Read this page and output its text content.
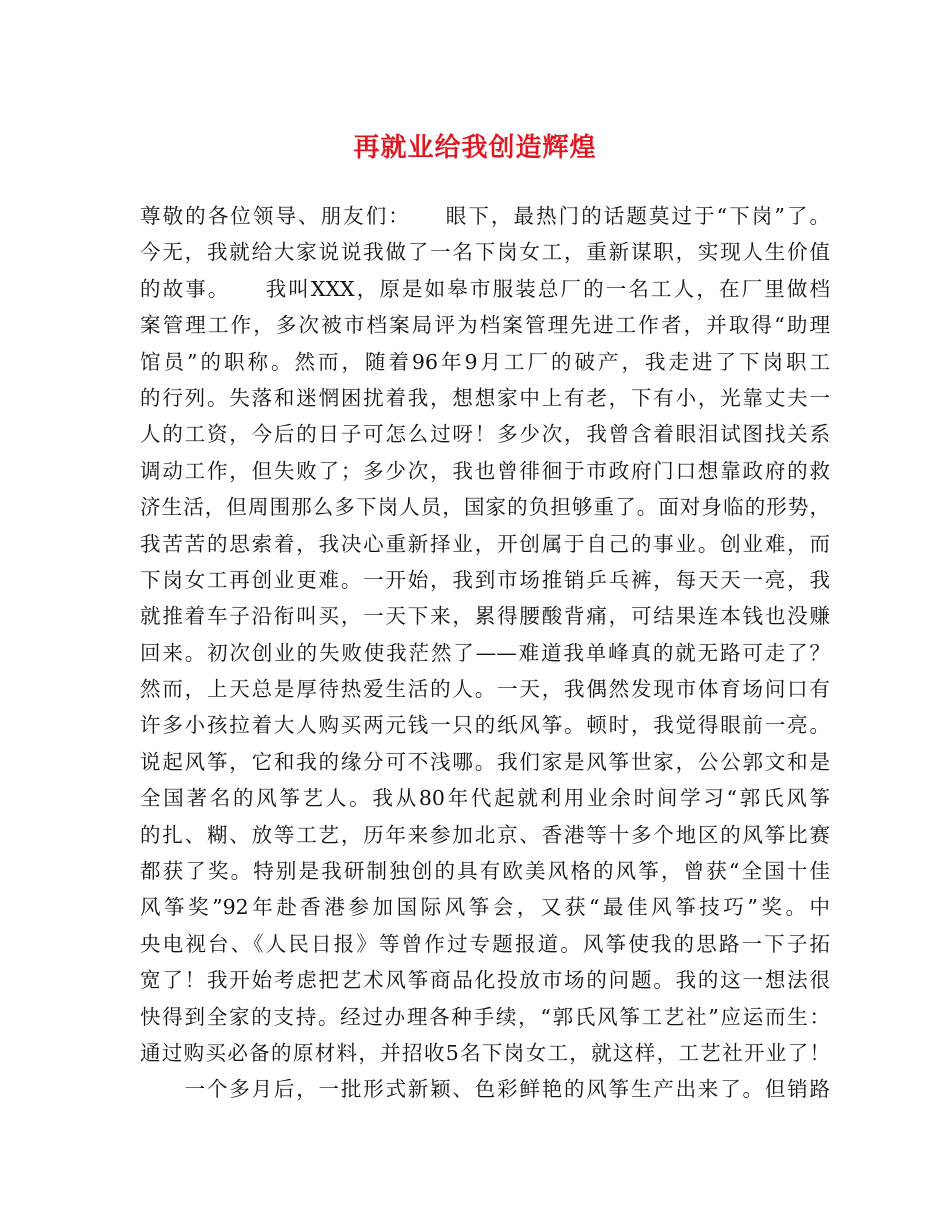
再就业给我创造辉煌
尊敬的各位领导、朋友们：　　眼下，最热门的话题莫过于“下岗”了。
今无，我就给大家说说我做了一名下岗女工，重新谋职，实现人生价值
的故事。　　我叫XXX，原是如皋市服装总厂的一名工人，在厂里做档
案管理工作，多次被市档案局评为档案管理先进工作者，并取得“助理
馆员”的职称。然而，随着96年9月工厂的破产，我走进了下岗职工
的行列。失落和迷惘困扰着我，想想家中上有老，下有小，光靠丈夫一
人的工资，今后的日子可怎么过呀！多少次，我曾含着眼泪试图找关系
调动工作，但失败了；多少次，我也曾徘徊于市政府门口想靠政府的救
济生活，但周围那么多下岗人员，国家的负担够重了。面对身临的形势，
我苦苦的思索着，我决心重新择业，开创属于自己的事业。创业难，而
下岗女工再创业更难。一开始，我到市场推销乒乓裤，每天天一亮，我
就推着车子沿衔叫买，一天下来，累得腰酸背痛，可结果连本钱也没赚
回来。初次创业的失败使我茫然了——难道我单峰真的就无路可走了？
然而，上天总是厚待热爱生活的人。一天，我偶然发现市体育场问口有
许多小孩拉着大人购买两元钱一只的纸风筝。顿时，我觉得眼前一亮。
说起风筝，它和我的缘分可不浅哪。我们家是风筝世家，公公郭文和是
全国著名的风筝艺人。我从80年代起就利用业余时间学习“郭氏风筝
的扎、糊、放等工艺，历年来参加北京、香港等十多个地区的风筝比赛
都获了奖。特别是我研制独创的具有欧美风格的风筝，曾获“全国十佳
风筝奖”92年赴香港参加国际风筝会，又获“最佳风筝技巧”奖。中
央电视台、《人民日报》等曾作过专题报道。风筝使我的思路一下子拓
宽了！我开始考虑把艺术风筝商品化投放市场的问题。我的这一想法很
快得到全家的支持。经过办理各种手续，“郭氏风筝工艺社”应运而生：
通过购买必备的原材料，并招收5名下岗女工，就这样，工艺社开业了！
　　一个多月后，一批形式新颖、色彩鲜艳的风筝生产出来了。但销路
